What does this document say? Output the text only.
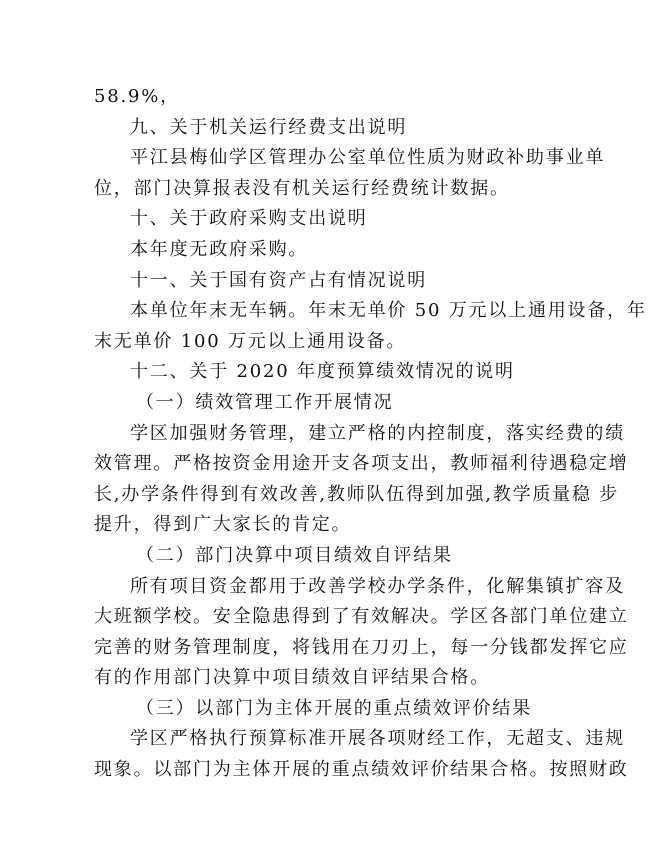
58.9%，
九、关于机关运行经费支出说明
平江县梅仙学区管理办公室单位性质为财政补助事业单
位，部门决算报表没有机关运行经费统计数据。
十、关于政府采购支出说明
本年度无政府采购。
十一、关于国有资产占有情况说明
本单位年末无车辆。年末无单价 50 万元以上通用设备，年
末无单价 100 万元以上通用设备。
十二、关于 2020 年度预算绩效情况的说明
（一）绩效管理工作开展情况
学区加强财务管理，建立严格的内控制度，落实经费的绩
效管理。严格按资金用途开支各项支出，教师福利待遇稳定增
长,办学条件得到有效改善,教师队伍得到加强,教学质量稳 步
提升，得到广大家长的肯定。
（二）部门决算中项目绩效自评结果
所有项目资金都用于改善学校办学条件，化解集镇扩容及
大班额学校。安全隐患得到了有效解决。学区各部门单位建立
完善的财务管理制度，将钱用在刀刃上，每一分钱都发挥它应
有的作用部门决算中项目绩效自评结果合格。
（三）以部门为主体开展的重点绩效评价结果
学区严格执行预算标准开展各项财经工作，无超支、违规
现象。以部门为主体开展的重点绩效评价结果合格。按照财政
